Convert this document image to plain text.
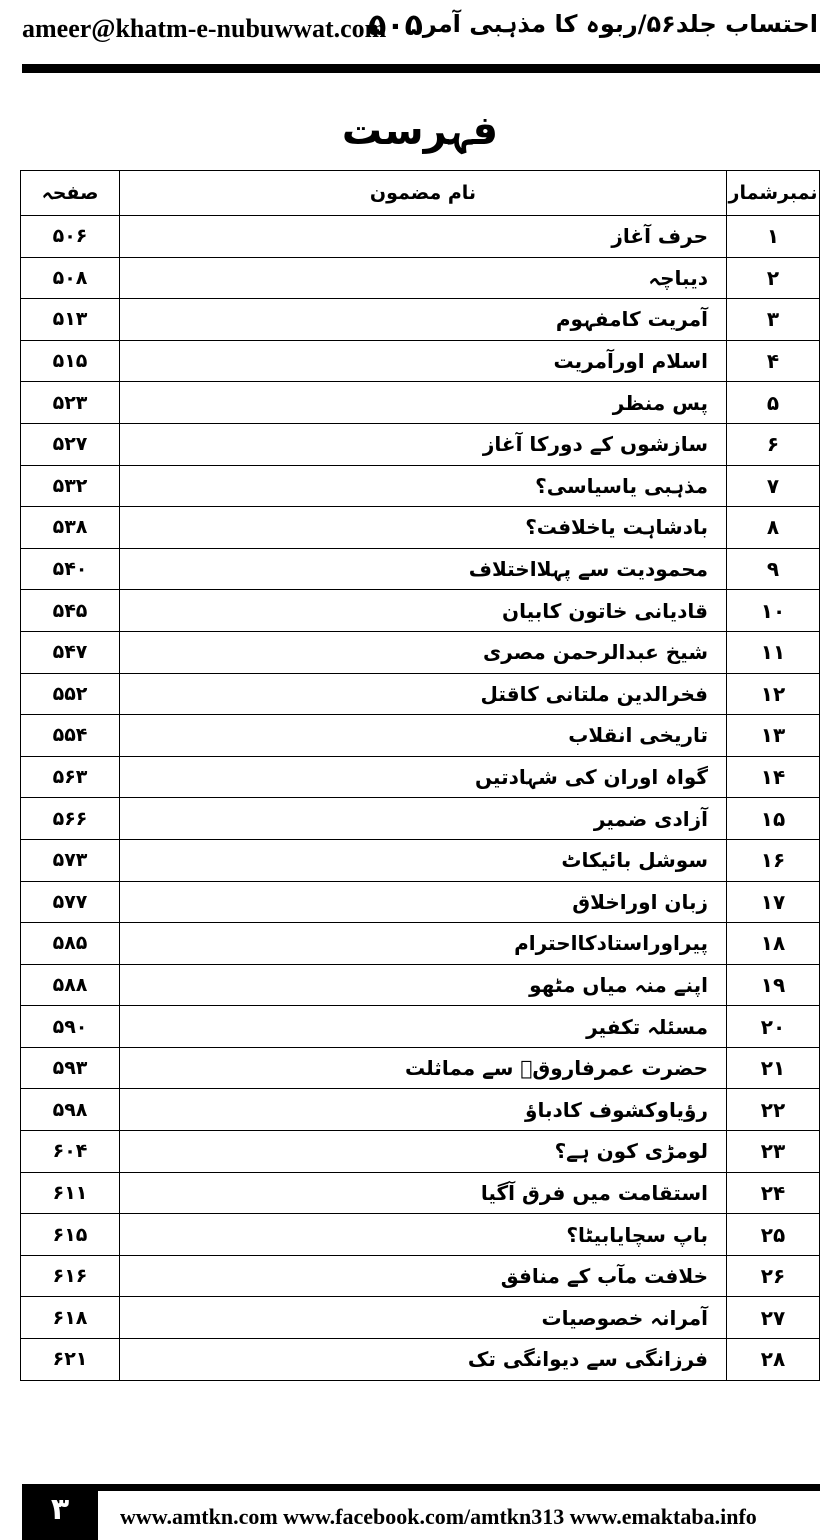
ameer@khatm-e-nubuwwat.com
۵۰۵ احتساب جلد۵۶/ربوہ کا مذہبی آمر
فہرست
نمبرشمار	نام مضمون	صفحہ
۱	حرف آغاز	۵۰۶
۲	دیباچہ	۵۰۸
۳	آمریت کامفہوم	۵۱۳
۴	اسلام اورآمریت	۵۱۵
۵	پس منظر	۵۲۳
۶	سازشوں کے دورکا آغاز	۵۲۷
۷	مذہبی یاسیاسی؟	۵۳۲
۸	بادشاہت یاخلافت؟	۵۳۸
۹	محمودیت سے پہلااختلاف	۵۴۰
۱۰	قادیانی خاتون کابیان	۵۴۵
۱۱	شیخ عبدالرحمن مصری	۵۴۷
۱۲	فخرالدین ملتانی کاقتل	۵۵۲
۱۳	تاریخی انقلاب	۵۵۴
۱۴	گواہ اوران کی شہادتیں	۵۶۳
۱۵	آزادی ضمیر	۵۶۶
۱۶	سوشل بائیکاٹ	۵۷۳
۱۷	زبان اوراخلاق	۵۷۷
۱۸	پیراوراستادکااحترام	۵۸۵
۱۹	اپنے منہ میاں مٹھو	۵۸۸
۲۰	مسئلہ تکفیر	۵۹۰
۲۱	حضرت عمرفاروقؓ سے مماثلت	۵۹۳
۲۲	رؤیاوکشوف کادباؤ	۵۹۸
۲۳	لومڑی کون ہے؟	۶۰۴
۲۴	استقامت میں فرق آگیا	۶۱۱
۲۵	باپ سچایابیٹا؟	۶۱۵
۲۶	خلافت مآب کے منافق	۶۱۶
۲۷	آمرانہ خصوصیات	۶۱۸
۲۸	فرزانگی سے دیوانگی تک	۶۲۱
۳	www.amtkn.com www.facebook.com/amtkn313 www.emaktaba.info
